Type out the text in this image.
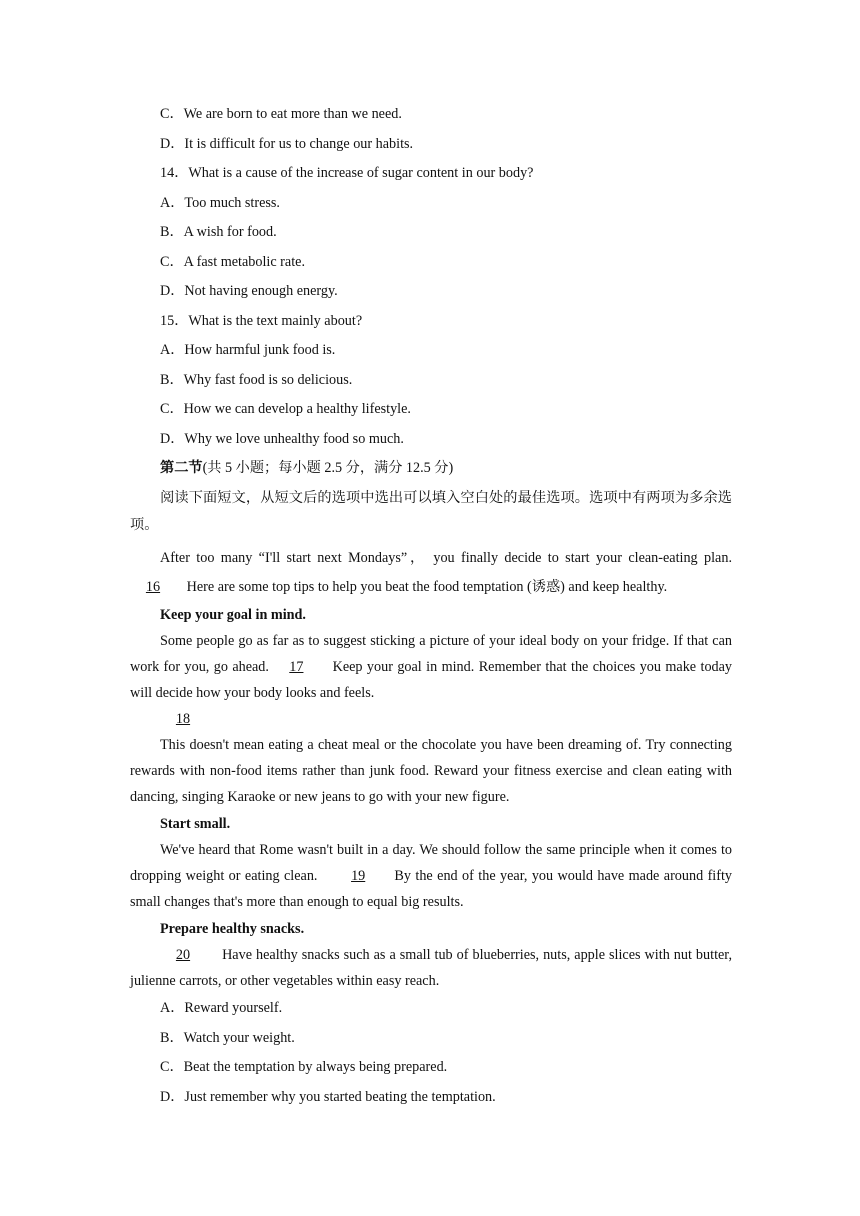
C．We are born to eat more than we need.
D．It is difficult for us to change our habits.
14．What is a cause of the increase of sugar content in our body?
A．Too much stress.
B．A wish for food.
C．A fast metabolic rate.
D．Not having enough energy.
15．What is the text mainly about?
A．How harmful junk food is.
B．Why fast food is so delicious.
C．How we can develop a healthy lifestyle.
D．Why we love unhealthy food so much.
第二节(共 5 小题；每小题 2.5 分，满分 12.5 分)
阅读下面短文，从短文后的选项中选出可以填入空白处的最佳选项。选项中有两项为多余选项。
After too many “I'll start next Mondays”， you finally decide to start your clean-eating plan. 16 Here are some top tips to help you beat the food temptation (诱惑) and keep healthy.
Keep your goal in mind.
Some people go as far as to suggest sticking a picture of your ideal body on your fridge. If that can work for you, go ahead. 17 Keep your goal in mind. Remember that the choices you make today will decide how your body looks and feels.
18
This doesn't mean eating a cheat meal or the chocolate you have been dreaming of. Try connecting rewards with non-food items rather than junk food. Reward your fitness exercise and clean eating with dancing, singing Karaoke or new jeans to go with your new figure.
Start small.
We've heard that Rome wasn't built in a day. We should follow the same principle when it comes to dropping weight or eating clean. 19 By the end of the year, you would have made around fifty small changes that's more than enough to equal big results.
Prepare healthy snacks.
20 Have healthy snacks such as a small tub of blueberries, nuts, apple slices with nut butter, julienne carrots, or other vegetables within easy reach.
A．Reward yourself.
B．Watch your weight.
C．Beat the temptation by always being prepared.
D．Just remember why you started beating the temptation.
